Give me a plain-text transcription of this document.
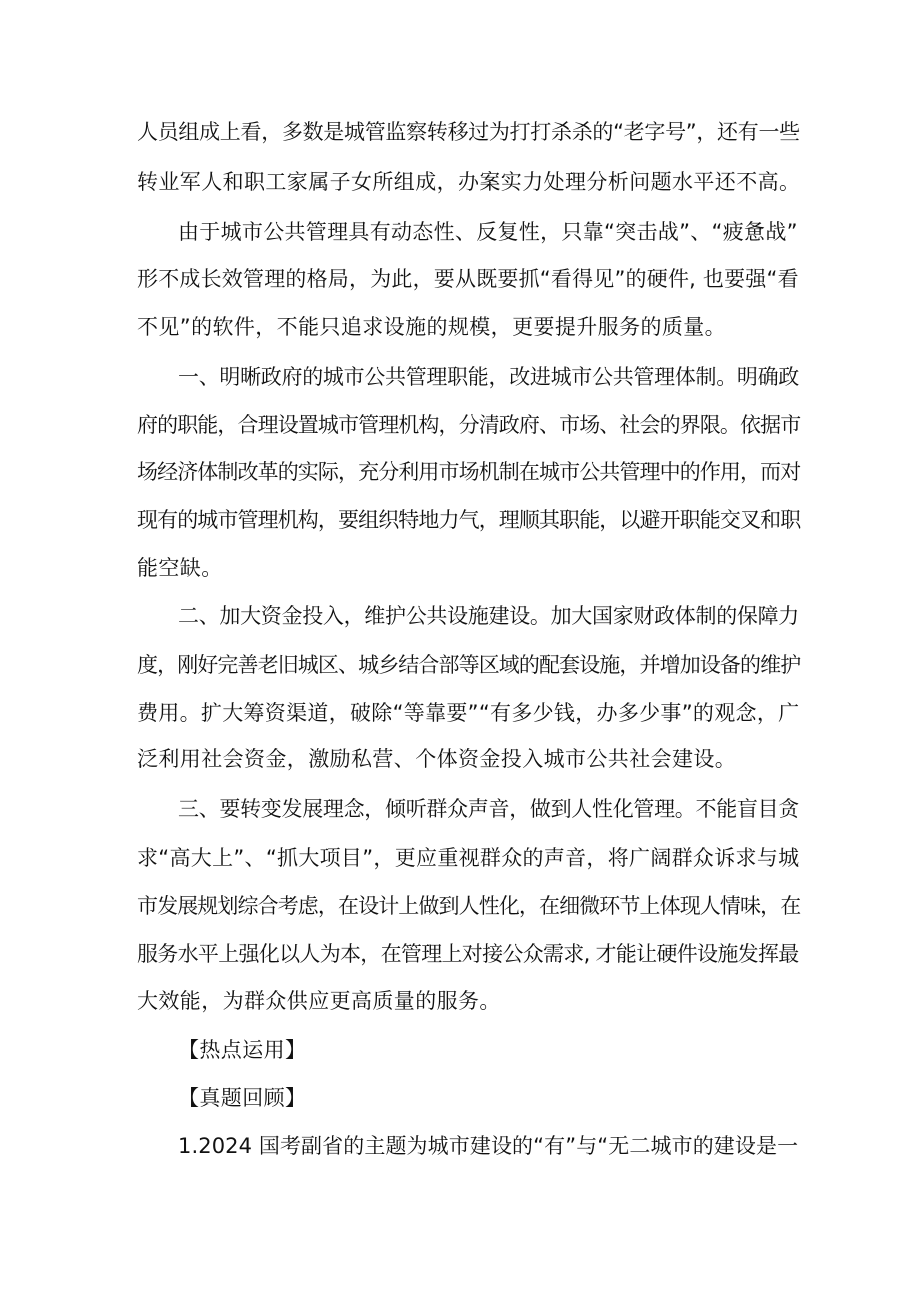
人员组成上看，多数是城管监察转移过为打打杀杀的“老字号”，还有一些
转业军人和职工家属子女所组成，办案实力处理分析问题水平还不高。
由于城市公共管理具有动态性、反复性，只靠“突击战”、“疲惫战”
形不成长效管理的格局，为此，要从既要抓“看得见”的硬件, 也要强“看
不见”的软件，不能只追求设施的规模，更要提升服务的质量。
一、明晰政府的城市公共管理职能，改进城市公共管理体制。明确政
府的职能，合理设置城市管理机构，分清政府、市场、社会的界限。依据市
场经济体制改革的实际，充分利用市场机制在城市公共管理中的作用，而对
现有的城市管理机构，要组织特地力气，理顺其职能，以避开职能交叉和职
能空缺。
二、加大资金投入，维护公共设施建设。加大国家财政体制的保障力
度，刚好完善老旧城区、城乡结合部等区域的配套设施，并增加设备的维护
费用。扩大筹资渠道，破除“等靠要”“有多少钱，办多少事”的观念，广
泛利用社会资金，激励私营、个体资金投入城市公共社会建设。
三、要转变发展理念，倾听群众声音，做到人性化管理。不能盲目贪
求“高大上”、“抓大项目”，更应重视群众的声音，将广阔群众诉求与城
市发展规划综合考虑，在设计上做到人性化，在细微环节上体现人情味，在
服务水平上强化以人为本，在管理上对接公众需求, 才能让硬件设施发挥最
大效能，为群众供应更高质量的服务。
【热点运用】
【真题回顾】
1.2024 国考副省的主题为城市建设的“有”与“无二城市的建设是一
